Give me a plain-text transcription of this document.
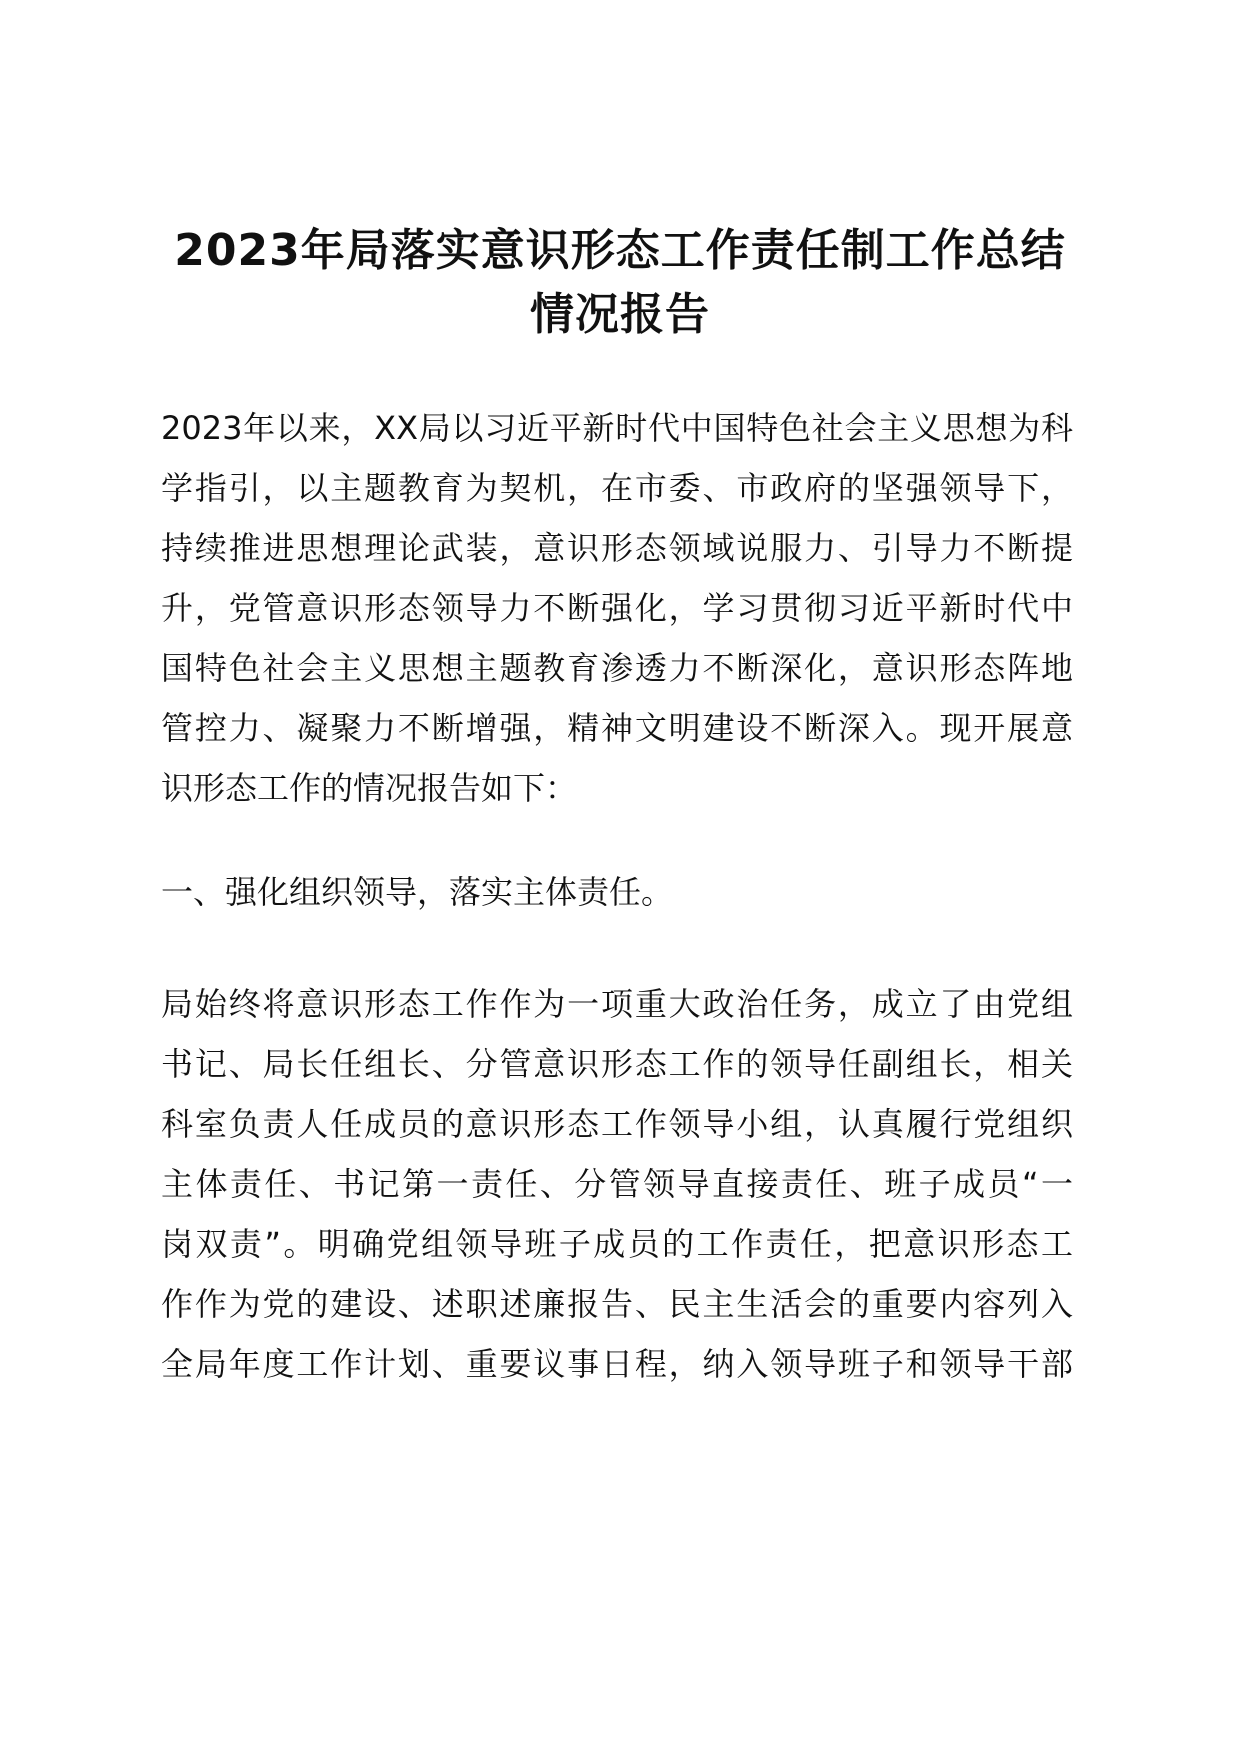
2023年局落实意识形态工作责任制工作总结
情况报告
2023年以来，XX局以习近平新时代中国特色社会主义思想为科
学指引，以主题教育为契机，在市委、市政府的坚强领导下，
持续推进思想理论武装，意识形态领域说服力、引导力不断提
升，党管意识形态领导力不断强化，学习贯彻习近平新时代中
国特色社会主义思想主题教育渗透力不断深化，意识形态阵地
管控力、凝聚力不断增强，精神文明建设不断深入。现开展意
识形态工作的情况报告如下：
一、强化组织领导，落实主体责任。
局始终将意识形态工作作为一项重大政治任务，成立了由党组
书记、局长任组长、分管意识形态工作的领导任副组长，相关
科室负责人任成员的意识形态工作领导小组，认真履行党组织
主体责任、书记第一责任、分管领导直接责任、班子成员“一
岗双责”。明确党组领导班子成员的工作责任，把意识形态工
作作为党的建设、述职述廉报告、民主生活会的重要内容列入
全局年度工作计划、重要议事日程，纳入领导班子和领导干部
